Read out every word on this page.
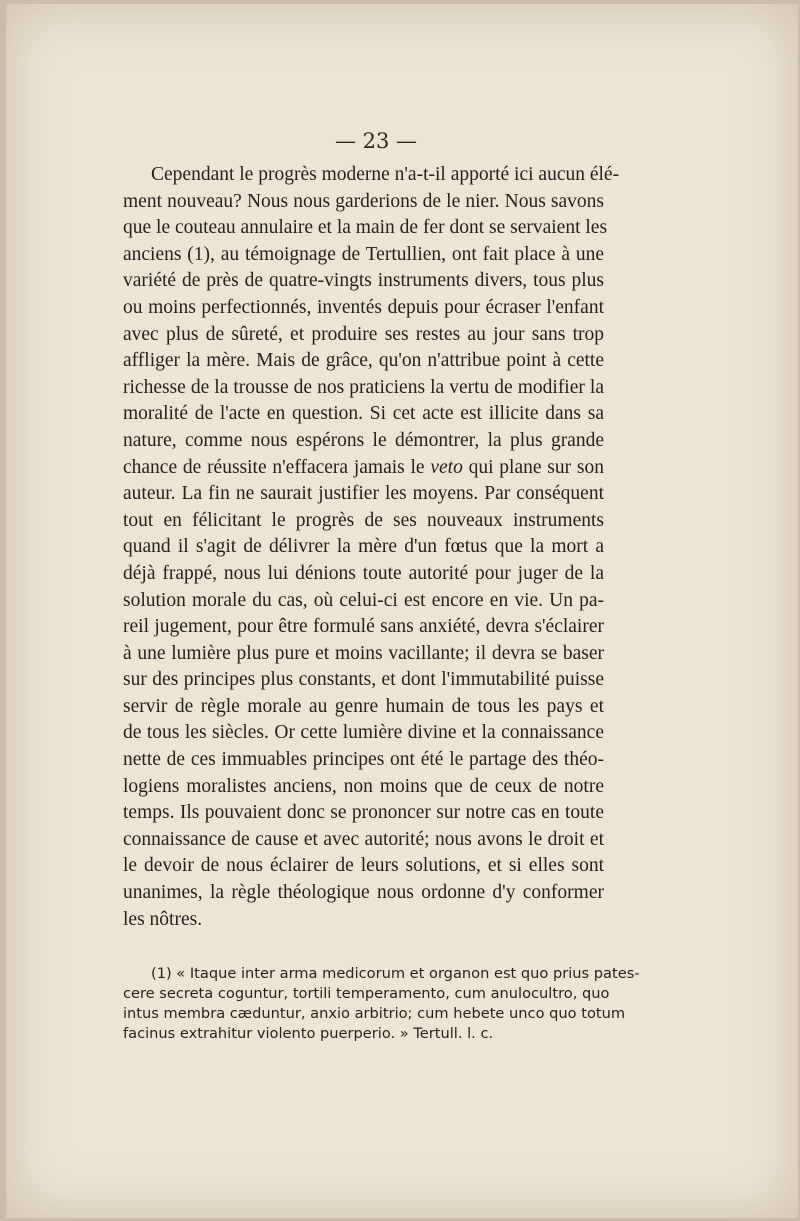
— 23 —
Cependant le progrès moderne n'a-t-il apporté ici aucun élé-
ment nouveau? Nous nous garderions de le nier. Nous savons
que le couteau annulaire et la main de fer dont se servaient les
anciens (1), au témoignage de Tertullien, ont fait place à une
variété de près de quatre-vingts instruments divers, tous plus
ou moins perfectionnés, inventés depuis pour écraser l'enfant
avec plus de sûreté, et produire ses restes au jour sans trop
affliger la mère. Mais de grâce, qu'on n'attribue point à cette
richesse de la trousse de nos praticiens la vertu de modifier la
moralité de l'acte en question. Si cet acte est illicite dans sa
nature, comme nous espérons le démontrer, la plus grande
chance de réussite n'effacera jamais le veto qui plane sur son
auteur. La fin ne saurait justifier les moyens. Par conséquent
tout en félicitant le progrès de ses nouveaux instruments
quand il s'agit de délivrer la mère d'un fœtus que la mort a
déjà frappé, nous lui dénions toute autorité pour juger de la
solution morale du cas, où celui-ci est encore en vie. Un pa-
reil jugement, pour être formulé sans anxiété, devra s'éclairer
à une lumière plus pure et moins vacillante; il devra se baser
sur des principes plus constants, et dont l'immutabilité puisse
servir de règle morale au genre humain de tous les pays et
de tous les siècles. Or cette lumière divine et la connaissance
nette de ces immuables principes ont été le partage des théo-
logiens moralistes anciens, non moins que de ceux de notre
temps. Ils pouvaient donc se prononcer sur notre cas en toute
connaissance de cause et avec autorité; nous avons le droit et
le devoir de nous éclairer de leurs solutions, et si elles sont
unanimes, la règle théologique nous ordonne d'y conformer
les nôtres.
(1) « Itaque inter arma medicorum et organon est quo prius pates-
cere secreta coguntur, tortili temperamento, cum anulocultro, quo
intus membra cæduntur, anxio arbitrio; cum hebete unco quo totum
facinus extrahitur violento puerperio. » Tertull. l. c.
